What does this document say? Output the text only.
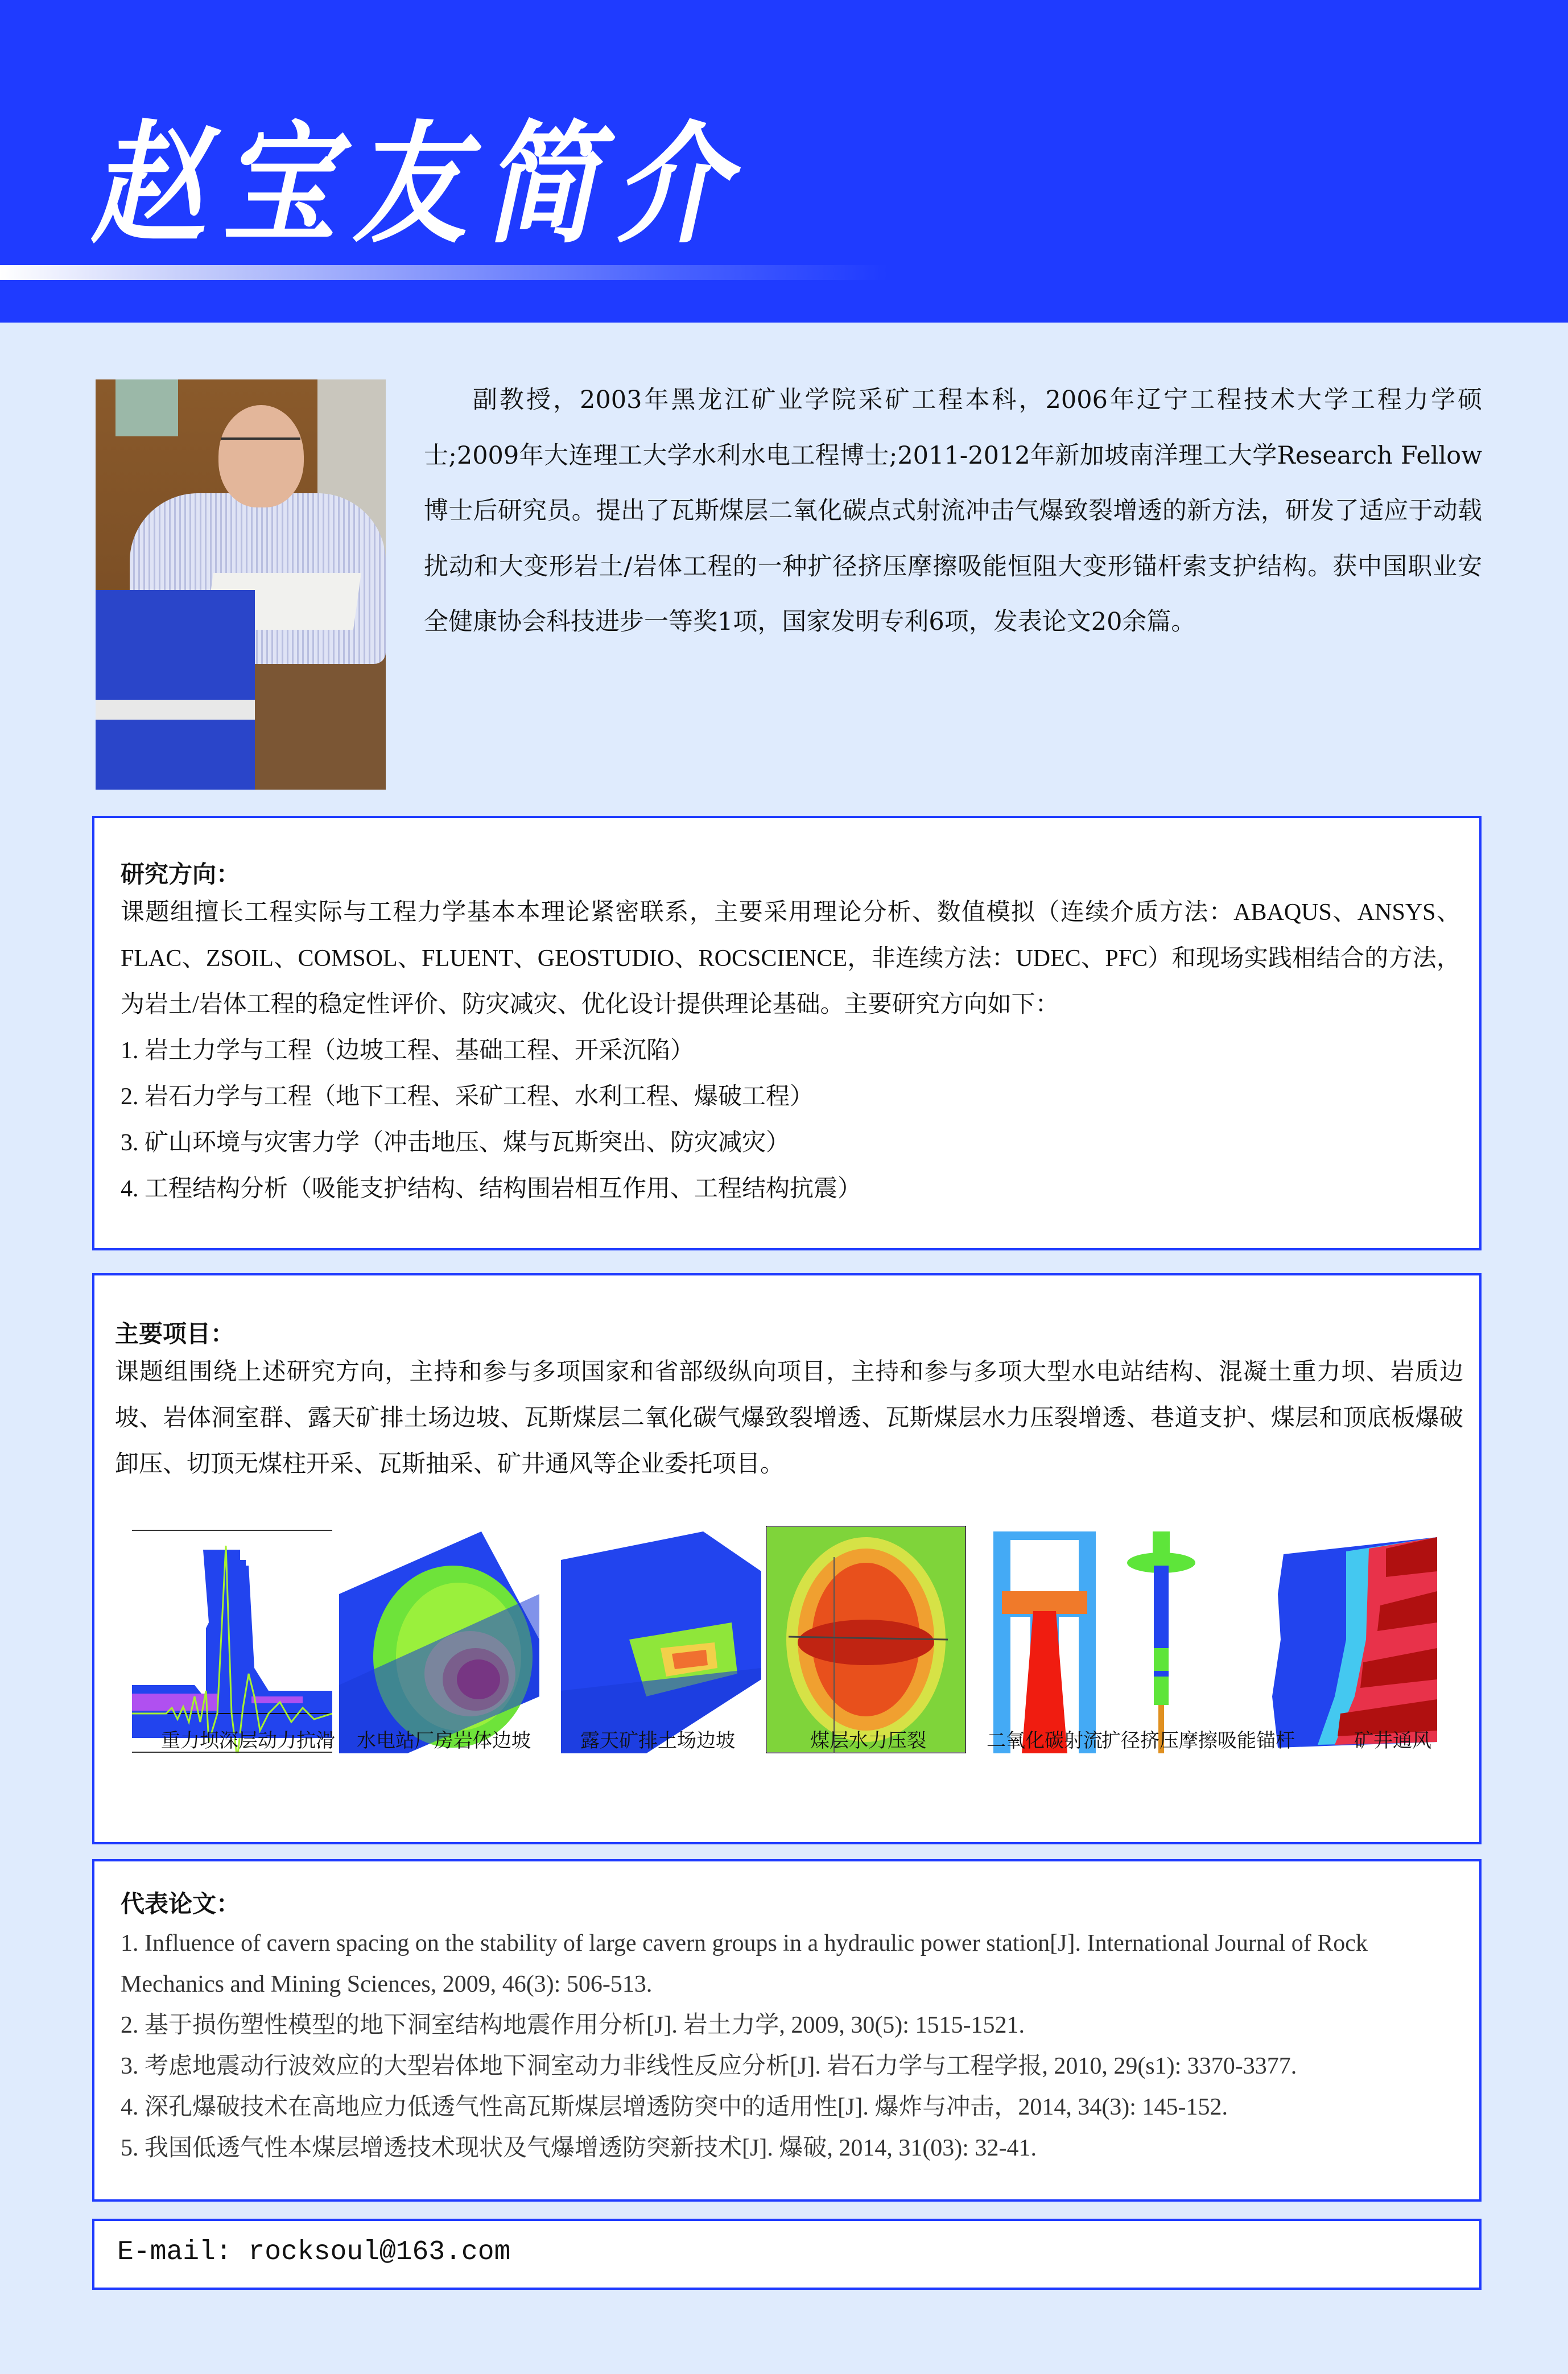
赵宝友简介
副教授，2003年黑龙江矿业学院采矿工程本科，2006年辽宁工程技术大学工程力学硕士;2009年大连理工大学水利水电工程博士;2011-2012年新加坡南洋理工大学Research Fellow博士后研究员。提出了瓦斯煤层二氧化碳点式射流冲击气爆致裂增透的新方法，研发了适应于动载扰动和大变形岩土/岩体工程的一种扩径挤压摩擦吸能恒阻大变形锚杆索支护结构。获中国职业安全健康协会科技进步一等奖1项，国家发明专利6项，发表论文20余篇。
研究方向：
课题组擅长工程实际与工程力学基本本理论紧密联系，主要采用理论分析、数值模拟（连续介质方法：ABAQUS、ANSYS、FLAC、ZSOIL、COMSOL、FLUENT、GEOSTUDIO、ROCSCIENCE，非连续方法：UDEC、PFC）和现场实践相结合的方法，为岩土/岩体工程的稳定性评价、防灾减灾、优化设计提供理论基础。主要研究方向如下：
1. 岩土力学与工程（边坡工程、基础工程、开采沉陷）
2. 岩石力学与工程（地下工程、采矿工程、水利工程、爆破工程）
3. 矿山环境与灾害力学（冲击地压、煤与瓦斯突出、防灾减灾）
4. 工程结构分析（吸能支护结构、结构围岩相互作用、工程结构抗震）
主要项目：
课题组围绕上述研究方向，主持和参与多项国家和省部级纵向项目，主持和参与多项大型水电站结构、混凝土重力坝、岩质边坡、岩体洞室群、露天矿排土场边坡、瓦斯煤层二氧化碳气爆致裂增透、瓦斯煤层水力压裂增透、巷道支护、煤层和顶底板爆破卸压、切顶无煤柱开采、瓦斯抽采、矿井通风等企业委托项目。
重力坝深层动力抗滑 水电站厂房岩体边坡	露天矿排土场边坡	煤层水力压裂	二氧化碳射流
扩径挤压摩擦吸能锚杆	矿井通风
代表论文：
1. Influence of cavern spacing on the stability of large cavern groups in a hydraulic power station[J]. International Journal of Rock Mechanics and Mining Sciences, 2009, 46(3): 506-513.
2. 基于损伤塑性模型的地下洞室结构地震作用分析[J]. 岩土力学, 2009, 30(5): 1515-1521.
3. 考虑地震动行波效应的大型岩体地下洞室动力非线性反应分析[J]. 岩石力学与工程学报, 2010, 29(s1): 3370-3377.
4. 深孔爆破技术在高地应力低透气性高瓦斯煤层增透防突中的适用性[J]. 爆炸与冲击，2014, 34(3): 145-152.
5. 我国低透气性本煤层增透技术现状及气爆增透防突新技术[J]. 爆破, 2014, 31(03): 32-41.
E-mail: rocksoul@163.com
